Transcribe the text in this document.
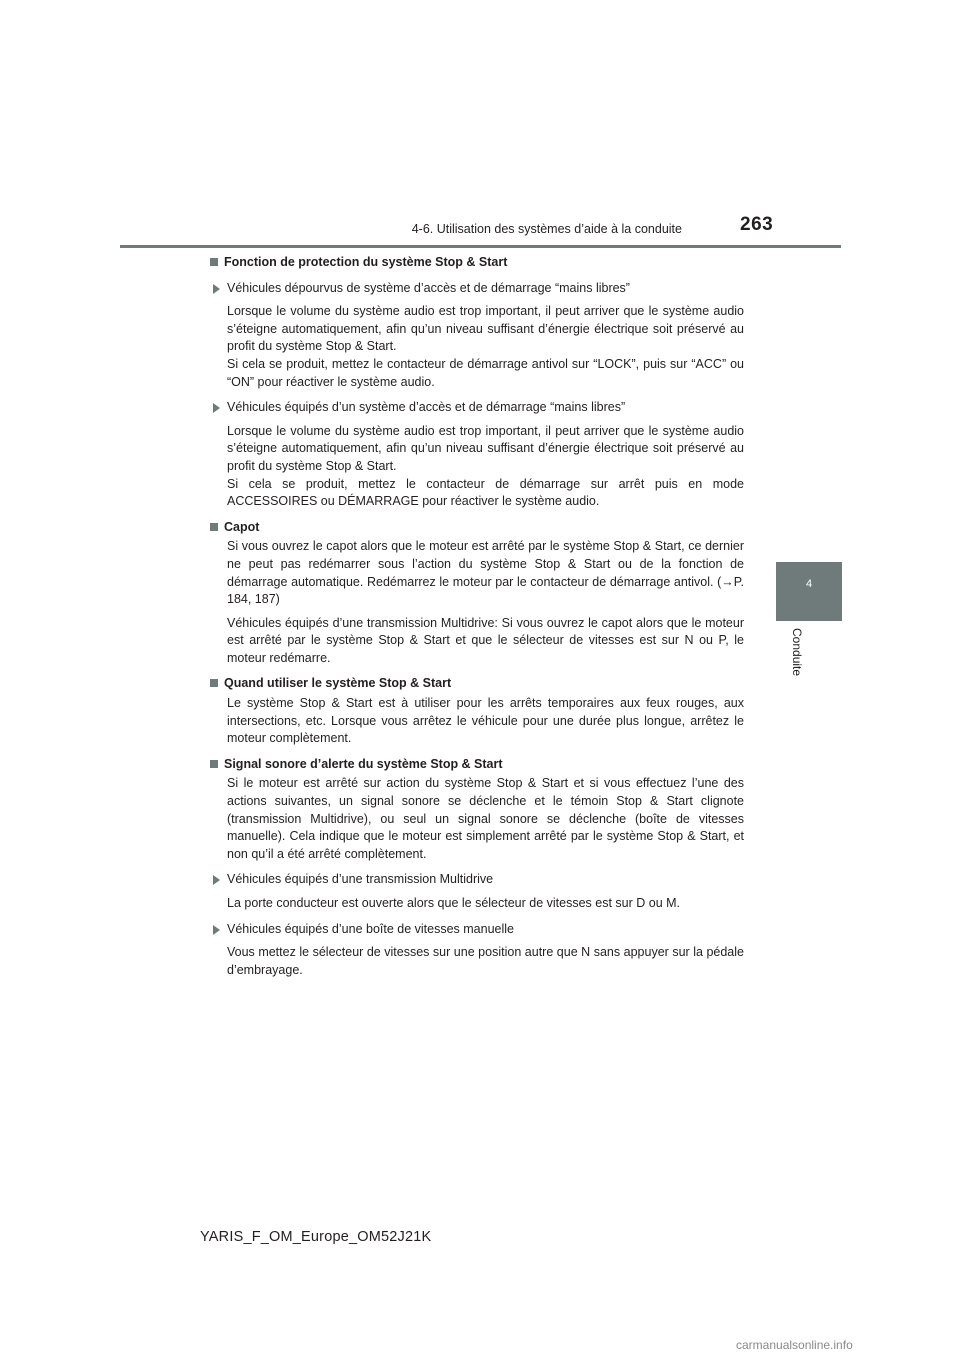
4-6. Utilisation des systèmes d’aide à la conduite	263
4
Conduite
Fonction de protection du système Stop & Start
Véhicules dépourvus de système d’accès et de démarrage “mains libres”
Lorsque le volume du système audio est trop important, il peut arriver que le système audio s’éteigne automatiquement, afin qu’un niveau suffisant d’énergie électrique soit préservé au profit du système Stop & Start.
Si cela se produit, mettez le contacteur de démarrage antivol sur “LOCK”, puis sur “ACC” ou “ON” pour réactiver le système audio.
Véhicules équipés d’un système d’accès et de démarrage “mains libres”
Lorsque le volume du système audio est trop important, il peut arriver que le système audio s’éteigne automatiquement, afin qu’un niveau suffisant d’énergie électrique soit préservé au profit du système Stop & Start.
Si cela se produit, mettez le contacteur de démarrage sur arrêt puis en mode ACCESSOIRES ou DÉMARRAGE pour réactiver le système audio.
Capot
Si vous ouvrez le capot alors que le moteur est arrêté par le système Stop & Start, ce dernier ne peut pas redémarrer sous l’action du système Stop & Start ou de la fonction de démarrage automatique. Redémarrez le moteur par le contacteur de démarrage antivol. (→P. 184, 187)
Véhicules équipés d’une transmission Multidrive: Si vous ouvrez le capot alors que le moteur est arrêté par le système Stop & Start et que le sélecteur de vitesses est sur N ou P, le moteur redémarre.
Quand utiliser le système Stop & Start
Le système Stop & Start est à utiliser pour les arrêts temporaires aux feux rouges, aux intersections, etc. Lorsque vous arrêtez le véhicule pour une durée plus longue, arrêtez le moteur complètement.
Signal sonore d’alerte du système Stop & Start
Si le moteur est arrêté sur action du système Stop & Start et si vous effectuez l’une des actions suivantes, un signal sonore se déclenche et le témoin Stop & Start clignote (transmission Multidrive), ou seul un signal sonore se déclenche (boîte de vitesses manuelle). Cela indique que le moteur est simplement arrêté par le système Stop & Start, et non qu’il a été arrêté complètement.
Véhicules équipés d’une transmission Multidrive
La porte conducteur est ouverte alors que le sélecteur de vitesses est sur D ou M.
Véhicules équipés d’une boîte de vitesses manuelle
Vous mettez le sélecteur de vitesses sur une position autre que N sans appuyer sur la pédale d’embrayage.
YARIS_F_OM_Europe_OM52J21K
carmanualsonline.info
